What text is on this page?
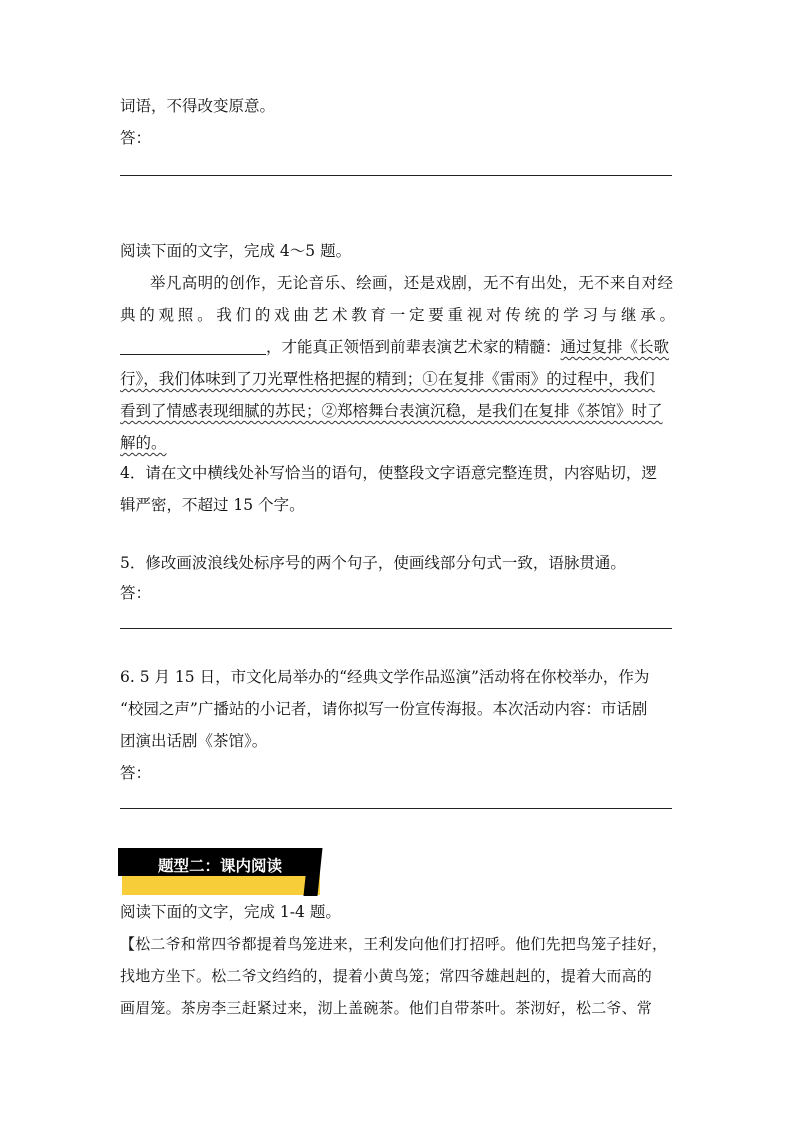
词语，不得改变原意。
答：
阅读下面的文字，完成 4～5 题。
举凡高明的创作，无论音乐、绘画，还是戏剧，无不有出处，无不来自对经
典的观照。我们的戏曲艺术教育一定要重视对传统的学习与继承。
，才能真正领悟到前辈表演艺术家的精髓：通过复排《长歌
行》，我们体味到了刀光覃性格把握的精到；①在复排《雷雨》的过程中，我们
看到了情感表现细腻的苏民；②郑榕舞台表演沉稳，是我们在复排《茶馆》时了
解的。
4．请在文中横线处补写恰当的语句，使整段文字语意完整连贯，内容贴切，逻
辑严密，不超过 15 个字。
5．修改画波浪线处标序号的两个句子，使画线部分句式一致，语脉贯通。
答：
6. 5 月 15 日，市文化局举办的“经典文学作品巡演”活动将在你校举办，作为
“校园之声”广播站的小记者，请你拟写一份宣传海报。本次活动内容：市话剧
团演出话剧《茶馆》。
答：
题型二：课内阅读
阅读下面的文字，完成 1-4 题。
【松二爷和常四爷都提着鸟笼进来，王利发向他们打招呼。他们先把鸟笼子挂好，
找地方坐下。松二爷文绉绉的，提着小黄鸟笼；常四爷雄赳赳的，提着大而高的
画眉笼。茶房李三赶紧过来，沏上盖碗茶。他们自带茶叶。茶沏好，松二爷、常
